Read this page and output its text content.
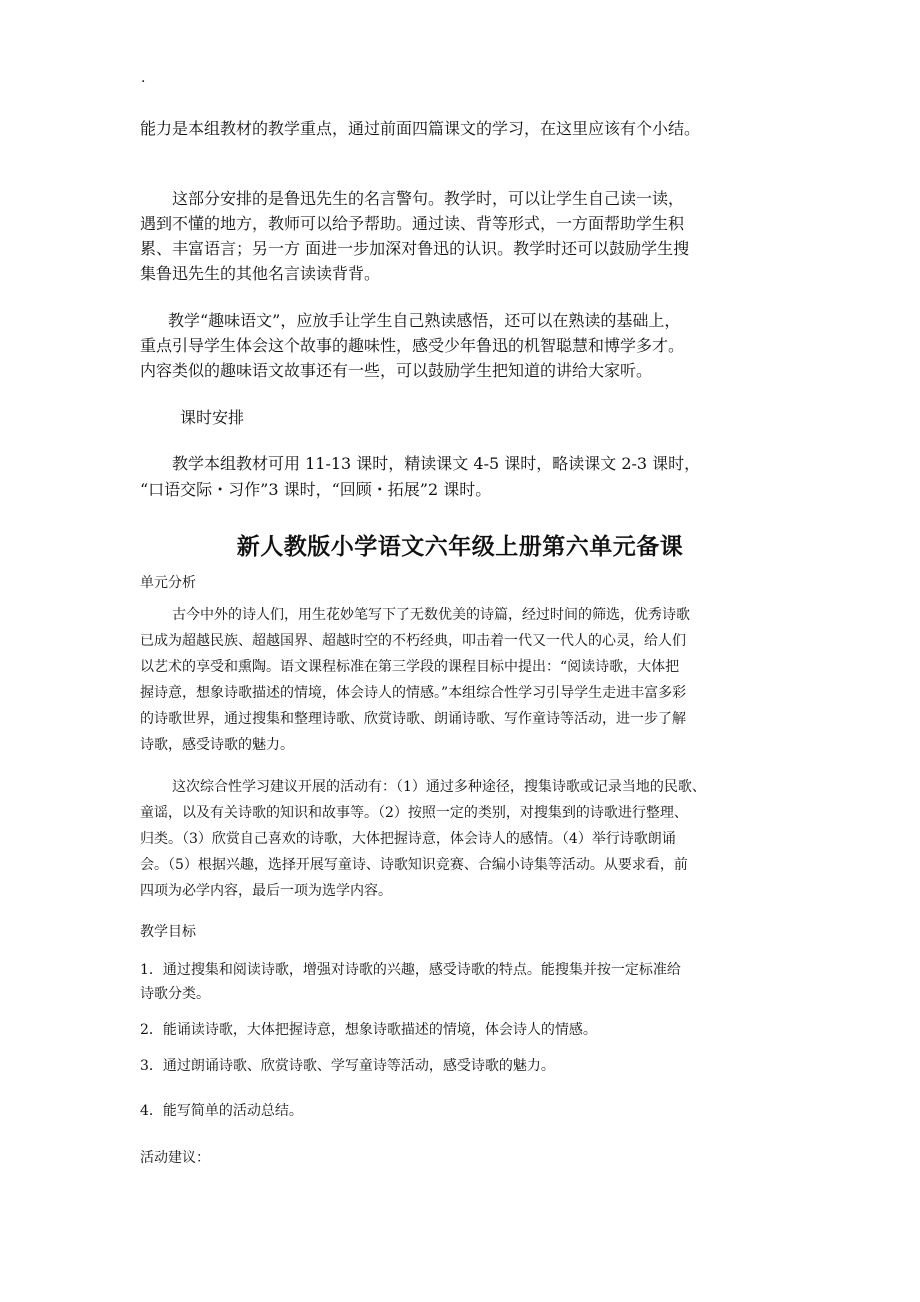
·
能力是本组教材的教学重点，通过前面四篇课文的学习，在这里应该有个小结。
这部分安排的是鲁迅先生的名言警句。教学时，可以让学生自己读一读，
遇到不懂的地方，教师可以给予帮助。通过读、背等形式，一方面帮助学生积
累、丰富语言；另一方 面进一步加深对鲁迅的认识。教学时还可以鼓励学生搜
集鲁迅先生的其他名言读读背背。
教学“趣味语文”，应放手让学生自己熟读感悟，还可以在熟读的基础上，
重点引导学生体会这个故事的趣味性，感受少年鲁迅的机智聪慧和博学多才。
内容类似的趣味语文故事还有一些，可以鼓励学生把知道的讲给大家听。
课时安排
教学本组教材可用 11-13 课时，精读课文 4-5 课时，略读课文 2-3 课时，
“口语交际・习作”3 课时，“回顾・拓展”2 课时。
新人教版小学语文六年级上册第六单元备课
单元分析
古今中外的诗人们，用生花妙笔写下了无数优美的诗篇，经过时间的筛选，优秀诗歌
已成为超越民族、超越国界、超越时空的不朽经典，叩击着一代又一代人的心灵，给人们
以艺术的享受和熏陶。语文课程标准在第三学段的课程目标中提出：“阅读诗歌，大体把
握诗意，想象诗歌描述的情境，体会诗人的情感。”本组综合性学习引导学生走进丰富多彩
的诗歌世界，通过搜集和整理诗歌、欣赏诗歌、朗诵诗歌、写作童诗等活动，进一步了解
诗歌，感受诗歌的魅力。
这次综合性学习建议开展的活动有：（1）通过多种途径，搜集诗歌或记录当地的民歌、
童谣，以及有关诗歌的知识和故事等。（2）按照一定的类别，对搜集到的诗歌进行整理、
归类。（3）欣赏自己喜欢的诗歌，大体把握诗意，体会诗人的感情。（4）举行诗歌朗诵
会。（5）根据兴趣，选择开展写童诗、诗歌知识竞赛、合编小诗集等活动。从要求看，前
四项为必学内容，最后一项为选学内容。
教学目标
1．通过搜集和阅读诗歌，增强对诗歌的兴趣，感受诗歌的特点。能搜集并按一定标准给
诗歌分类。
2．能诵读诗歌，大体把握诗意，想象诗歌描述的情境，体会诗人的情感。
3．通过朗诵诗歌、欣赏诗歌、学写童诗等活动，感受诗歌的魅力。
4．能写简单的活动总结。
活动建议：
